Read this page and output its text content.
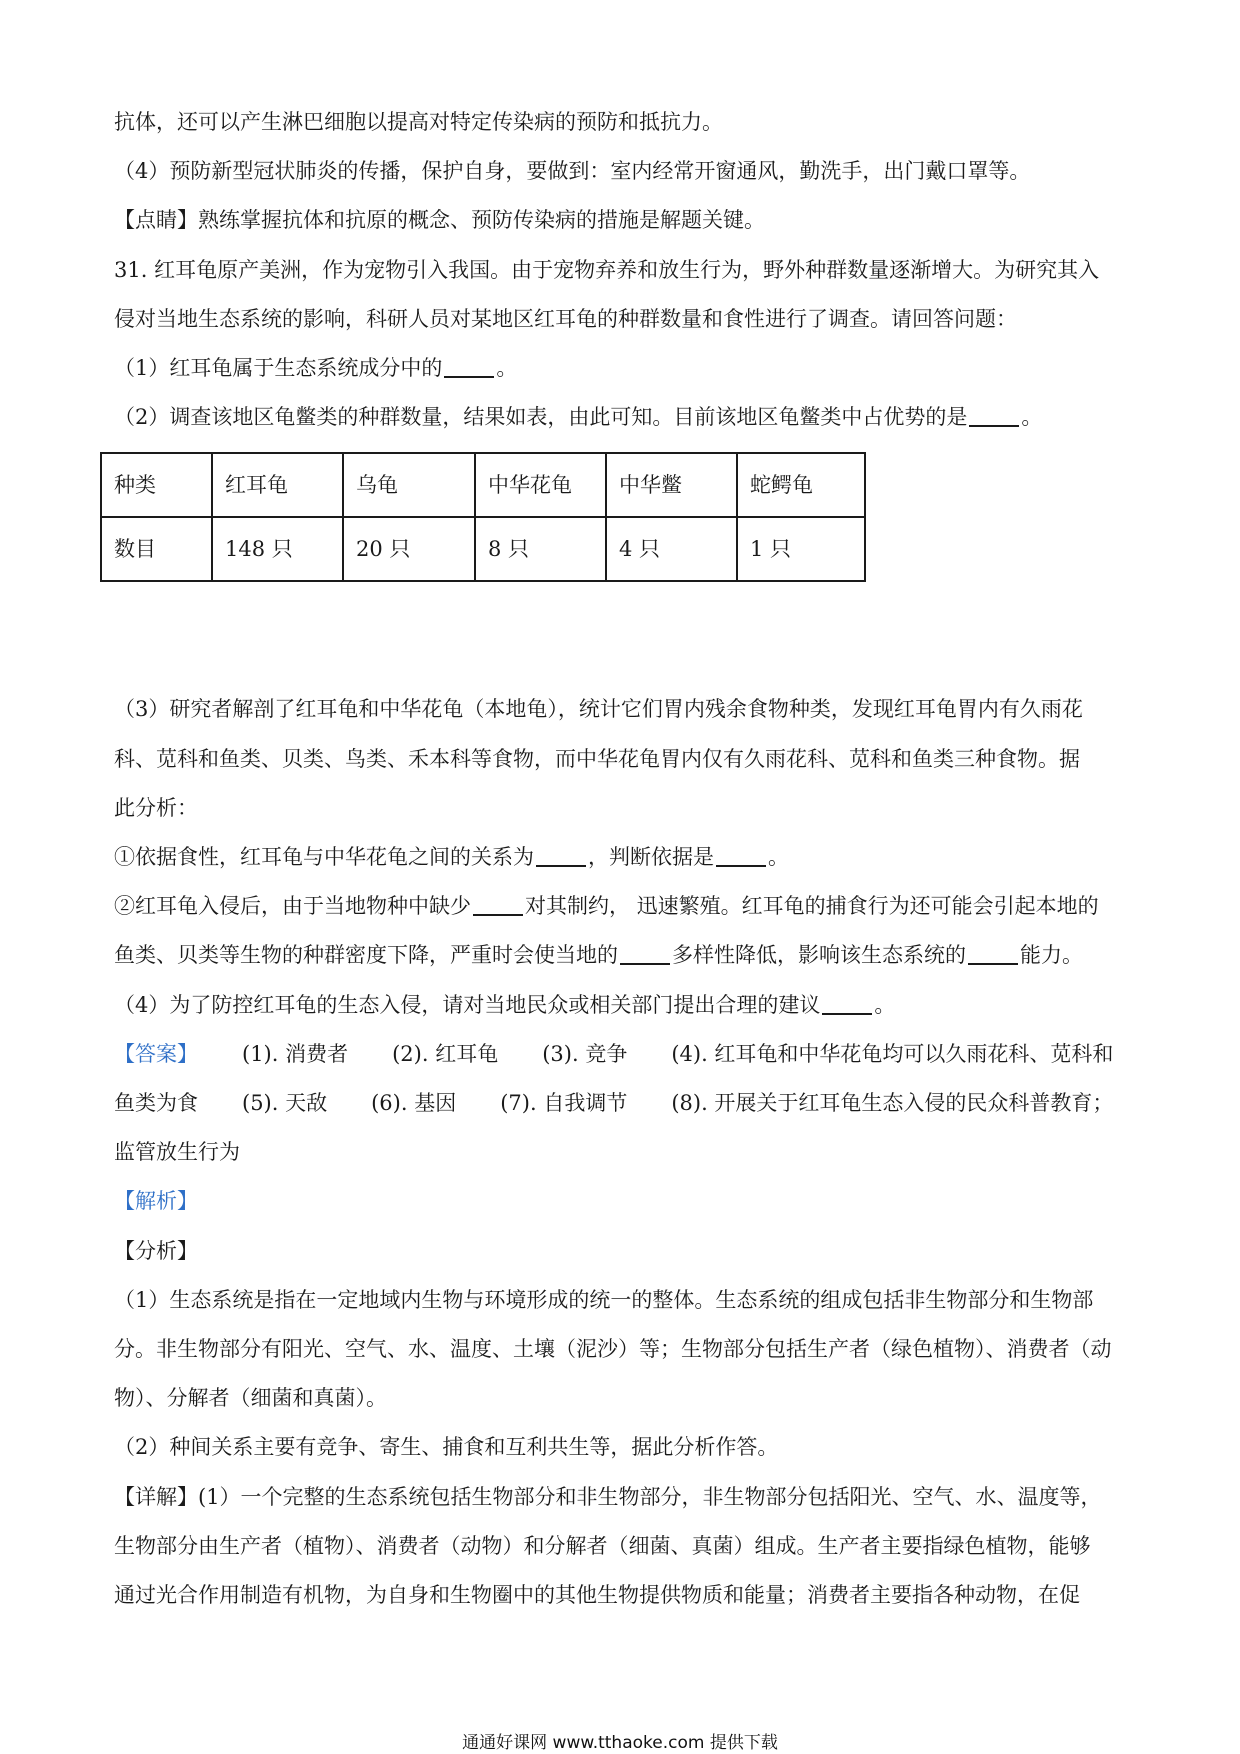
抗体，还可以产生淋巴细胞以提高对特定传染病的预防和抵抗力。
（4）预防新型冠状肺炎的传播，保护自身，要做到：室内经常开窗通风，勤洗手，出门戴口罩等。
【点睛】熟练掌握抗体和抗原的概念、预防传染病的措施是解题关键。
31. 红耳龟原产美洲，作为宠物引入我国。由于宠物弃养和放生行为，野外种群数量逐渐增大。为研究其入
侵对当地生态系统的影响，科研人员对某地区红耳龟的种群数量和食性进行了调查。请回答问题：
（1）红耳龟属于生态系统成分中的	。
（2）调查该地区龟鳖类的种群数量，结果如表，由此可知。目前该地区龟鳖类中占优势的是	。
种类	红耳龟	乌龟	中华花龟	中华鳖	蛇鳄龟
数目	148 只	20 只	8 只	4 只	1 只
（3）研究者解剖了红耳龟和中华花龟（本地龟），统计它们胃内残余食物种类，发现红耳龟胃内有久雨花
科、苋科和鱼类、贝类、鸟类、禾本科等食物，而中华花龟胃内仅有久雨花科、苋科和鱼类三种食物。据
此分析：
①依据食性，红耳龟与中华花龟之间的关系为	，判断依据是	。
②红耳龟入侵后，由于当地物种中缺少	对其制约， 迅速繁殖。红耳龟的捕食行为还可能会引起本地的
鱼类、贝类等生物的种群密度下降，严重时会使当地的	多样性降低，影响该生态系统的	能力。
（4）为了防控红耳龟的生态入侵，请对当地民众或相关部门提出合理的建议	。
【答案】 (1). 消费者 (2). 红耳龟 (3). 竞争 (4). 红耳龟和中华花龟均可以久雨花科、苋科和
鱼类为食 (5). 天敌 (6). 基因 (7). 自我调节 (8). 开展关于红耳龟生态入侵的民众科普教育；
监管放生行为
【解析】
【分析】
（1）生态系统是指在一定地域内生物与环境形成的统一的整体。生态系统的组成包括非生物部分和生物部
分。非生物部分有阳光、空气、水、温度、土壤（泥沙）等；生物部分包括生产者（绿色植物）、消费者（动
物）、分解者（细菌和真菌）。
（2）种间关系主要有竞争、寄生、捕食和互利共生等，据此分析作答。
【详解】(1）一个完整的生态系统包括生物部分和非生物部分，非生物部分包括阳光、空气、水、温度等，
生物部分由生产者（植物）、消费者（动物）和分解者（细菌、真菌）组成。生产者主要指绿色植物，能够
通过光合作用制造有机物，为自身和生物圈中的其他生物提供物质和能量；消费者主要指各种动物，在促
通通好课网 www.tthaoke.com 提供下载
